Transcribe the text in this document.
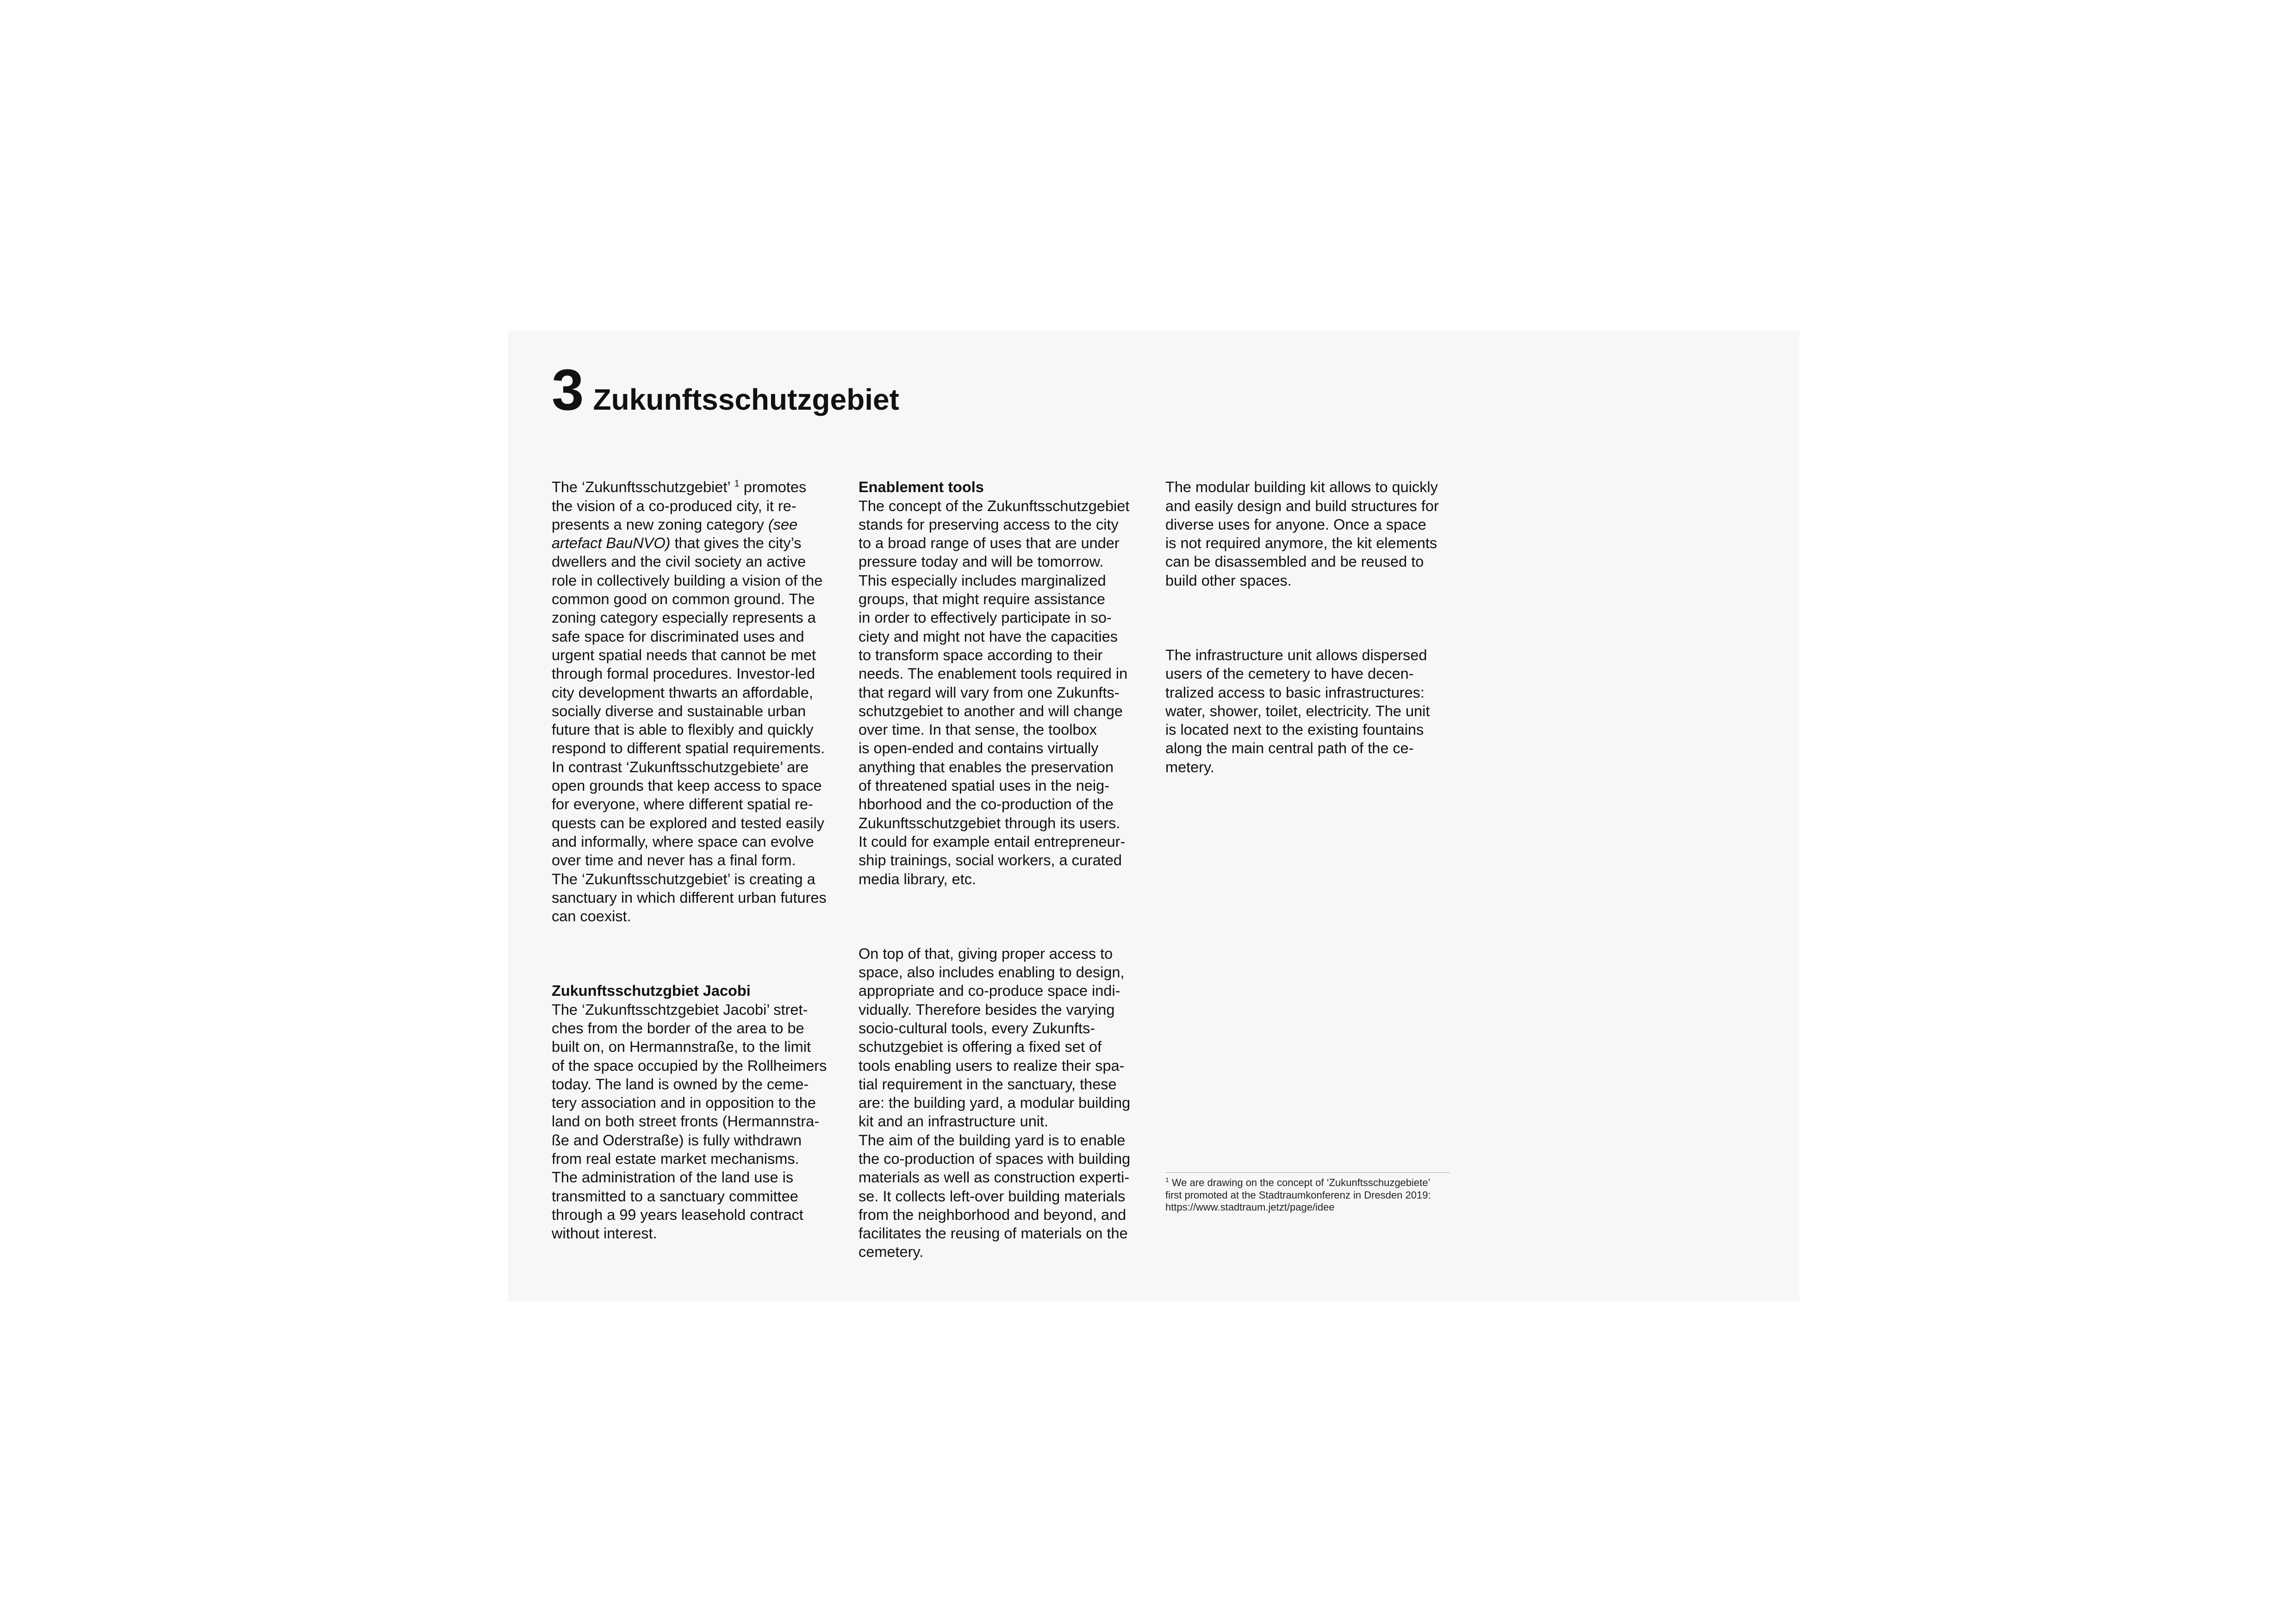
3 Zukunftsschutzgebiet

The ‘Zukunftsschutzgebiet’ $^1$ promotes
the vision of a co-produced city, it re-
presents a new zoning category (see
artefact BauNVO) that gives the city’s
dwellers and the civil society an active
role in collectively building a vision of the
common good on common ground. The
zoning category especially represents a
safe space for discriminated uses and
urgent spatial needs that cannot be met
through formal procedures. Investor-led
city development thwarts an affordable,
socially diverse and sustainable urban
future that is able to flexibly and quickly
respond to different spatial requirements.
In contrast ‘Zukunftsschutzgebiete’ are
open grounds that keep access to space
for everyone, where different spatial re-
quests can be explored and tested easily
and informally, where space can evolve
over time and never has a final form.
The ‘Zukunftsschutzgebiet’ is creating a
sanctuary in which different urban futures
can coexist.

Zukunftsschutzgbiet Jacobi
The ‘Zukunftsschtzgebiet Jacobi’ stret-
ches from the border of the area to be
built on, on Hermannstraße, to the limit
of the space occupied by the Rollheimers
today. The land is owned by the ceme-
tery association and in opposition to the
land on both street fronts (Hermannstra-
ße and Oderstraße) is fully withdrawn
from real estate market mechanisms.
The administration of the land use is
transmitted to a sanctuary committee
through a 99 years leasehold contract
without interest.

Enablement tools
The concept of the Zukunftsschutzgebiet
stands for preserving access to the city
to a broad range of uses that are under
pressure today and will be tomorrow.
This especially includes marginalized
groups, that might require assistance
in order to effectively participate in so-
ciety and might not have the capacities
to transform space according to their
needs. The enablement tools required in
that regard will vary from one Zukunfts-
schutzgebiet to another and will change
over time. In that sense, the toolbox
is open-ended and contains virtually
anything that enables the preservation
of threatened spatial uses in the neig-
hborhood and the co-production of the
Zukunftsschutzgebiet through its users.
It could for example entail entrepreneur-
ship trainings, social workers, a curated
media library, etc.

On top of that, giving proper access to
space, also includes enabling to design,
appropriate and co-produce space indi-
vidually. Therefore besides the varying
socio-cultural tools, every Zukunfts-
schutzgebiet is offering a fixed set of
tools enabling users to realize their spa-
tial requirement in the sanctuary, these
are: the building yard, a modular building
kit and an infrastructure unit.
The aim of the building yard is to enable
the co-production of spaces with building
materials as well as construction experti-
se. It collects left-over building materials
from the neighborhood and beyond, and
facilitates the reusing of materials on the
cemetery.

The modular building kit allows to quickly
and easily design and build structures for
diverse uses for anyone. Once a space
is not required anymore, the kit elements
can be disassembled and be reused to
build other spaces.

The infrastructure unit allows dispersed
users of the cemetery to have decen-
tralized access to basic infrastructures:
water, shower, toilet, electricity. The unit
is located next to the existing fountains
along the main central path of the ce-
metery.

$^1$ We are drawing on the concept of ‘Zukunftsschuzgebiete’
first promoted at the Stadtraumkonferenz in Dresden 2019:
https://www.stadtraum.jetzt/page/idee
